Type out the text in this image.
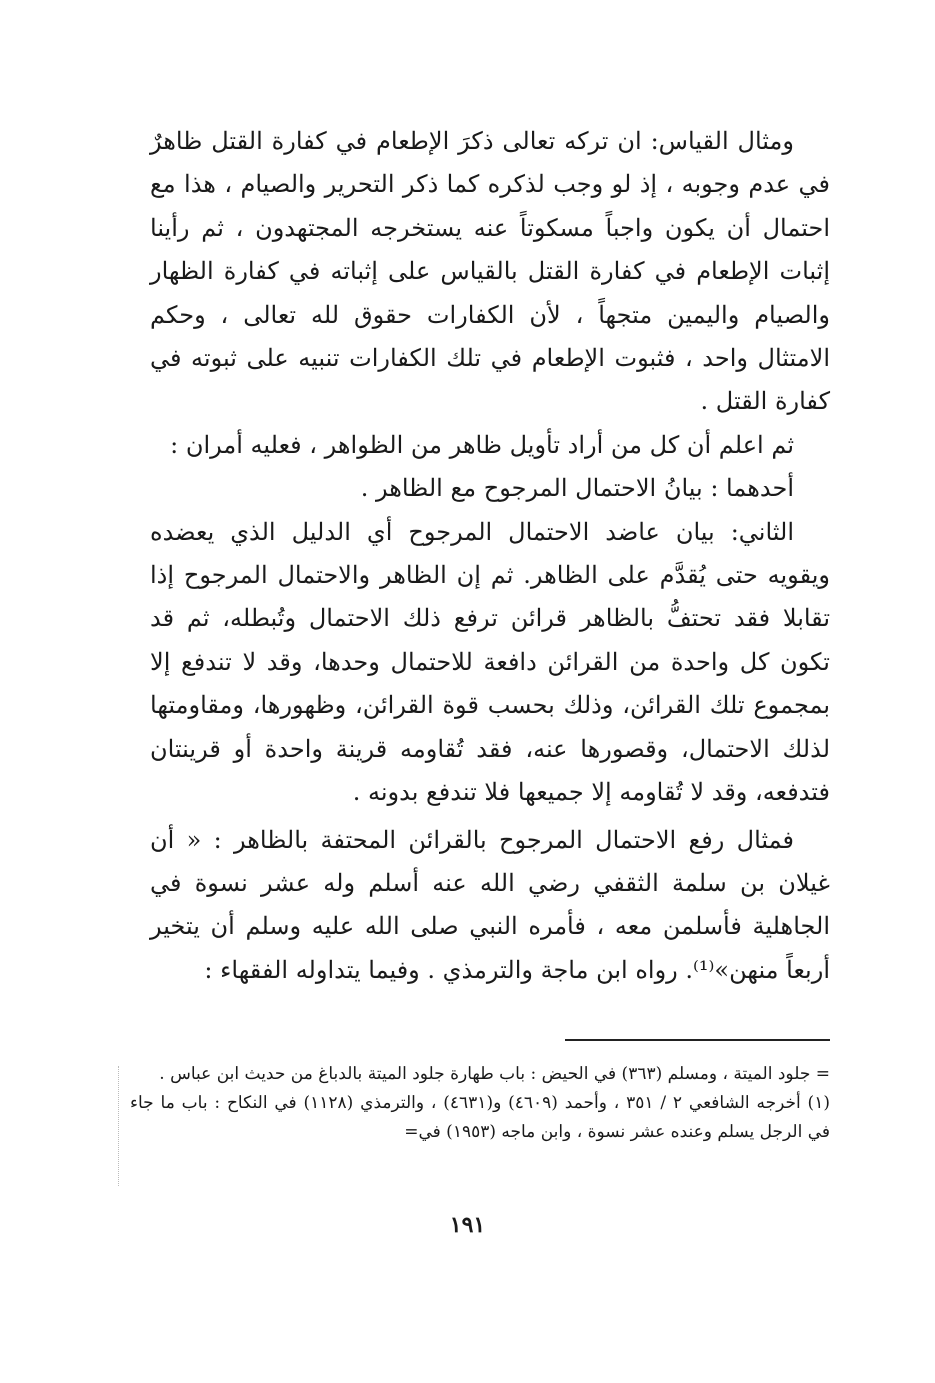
ومثال القياس: ان تركه تعالى ذكرَ الإطعام في كفارة القتل ظاهرٌ في عدم وجوبه ، إذ لو وجب لذكره كما ذكر التحرير والصيام ، هذا مع احتمال أن يكون واجباً مسكوتاً عنه يستخرجه المجتهدون ، ثم رأينا إثبات الإطعام في كفارة القتل بالقياس على إثباته في كفارة الظهار والصيام واليمين متجهاً ، لأن الكفارات حقوق لله تعالى ، وحكم الامتثال واحد ، فثبوت الإطعام في تلك الكفارات تنبيه على ثبوته في كفارة القتل .

ثم اعلم أن كل من أراد تأويل ظاهر من الظواهر ، فعليه أمران :

أحدهما : بيانُ الاحتمال المرجوح مع الظاهر .

الثاني: بيان عاضد الاحتمال المرجوح أي الدليل الذي يعضده ويقويه حتى يُقدَّم على الظاهر. ثم إن الظاهر والاحتمال المرجوح إذا تقابلا فقد تحتفُّ بالظاهر قرائن ترفع ذلك الاحتمال وتُبطله، ثم قد تكون كل واحدة من القرائن دافعة للاحتمال وحدها، وقد لا تندفع إلا بمجموع تلك القرائن، وذلك بحسب قوة القرائن، وظهورها، ومقاومتها لذلك الاحتمال، وقصورها عنه، فقد تُقاومه قرينة واحدة أو قرينتان فتدفعه، وقد لا تُقاومه إلا جميعها فلا تندفع بدونه .

فمثال رفع الاحتمال المرجوح بالقرائن المحتفة بالظاهر : « أن غيلان بن سلمة الثقفي رضي الله عنه أسلم وله عشر نسوة في الجاهلية فأسلمن معه ، فأمره النبي صلى الله عليه وسلم أن يتخير أربعاً منهن»⁽¹⁾. رواه ابن ماجة والترمذي . وفيما يتداوله الفقهاء :

= جلود الميتة ، ومسلم (٣٦٣) في الحيض : باب طهارة جلود الميتة بالدباغ من حديث ابن عباس .

(١) أخرجه الشافعي ٢ / ٣٥١ ، وأحمد (٤٦٠٩) و(٤٦٣١) ، والترمذي (١١٢٨) في النكاح : باب ما جاء في الرجل يسلم وعنده عشر نسوة ، وابن ماجه (١٩٥٣) في=

١٩١
